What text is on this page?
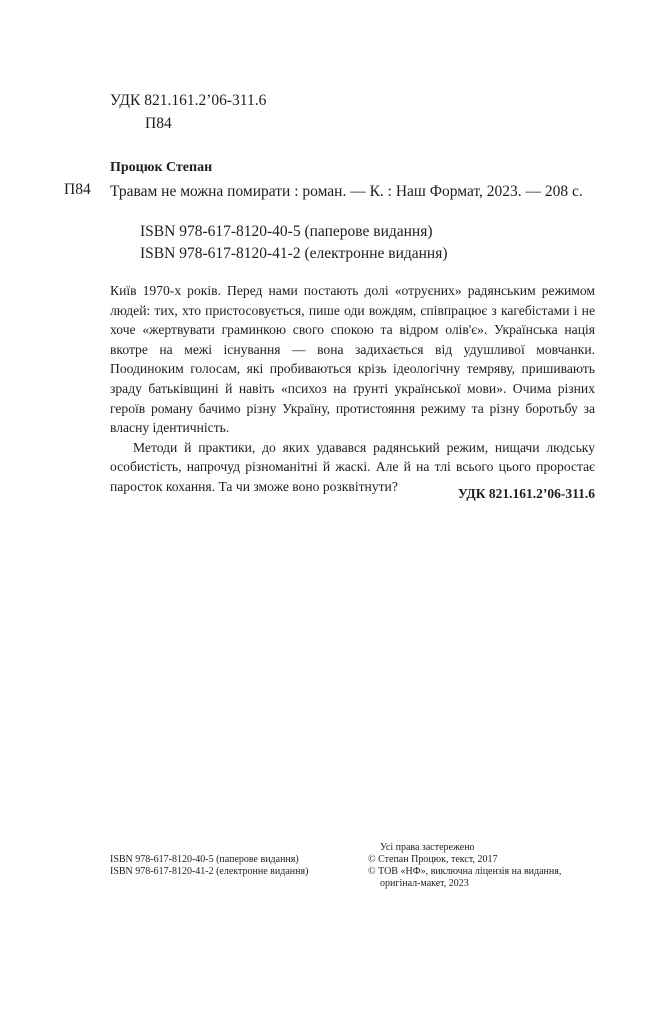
УДК 821.161.2’06-311.6
П84
Процюк Степан
П84 Травам не можна помирати : роман. — К. : Наш Формат, 2023. — 208 с.
ISBN 978-617-8120-40-5 (паперове видання)
ISBN 978-617-8120-41-2 (електронне видання)

Київ 1970-х років. Перед нами постають долі «отруєних» радянським режимом людей: тих, хто пристосовується, пише оди вождям, співпрацює з кагебістами і не хоче «жертвувати граминкою свого спокою та відром олів'є». Українська нація вкотре на межі існування — вона задихається від удушливої мовчанки. Поодиноким голосам, які пробиваються крізь ідеологічну темряву, пришивають зраду батьківщині й навіть «психоз на ґрунті української мови». Очима різних героїв роману бачимо різну Україну, протистояння режиму та різну боротьбу за власну ідентичність.

Методи й практики, до яких удавався радянський режим, нищачи людську особистість, напрочуд різноманітні й жаскі. Але й на тлі всього цього проростає паросток кохання. Та чи зможе воно розквітнути?	УДК 821.161.2’06-311.6
ISBN 978-617-8120-40-5 (паперове видання)
ISBN 978-617-8120-41-2 (електронне видання)
Усі права застережено
© Степан Процюк, текст, 2017
© ТОВ «НФ», виключна ліцензія на видання,
оригінал-макет, 2023
